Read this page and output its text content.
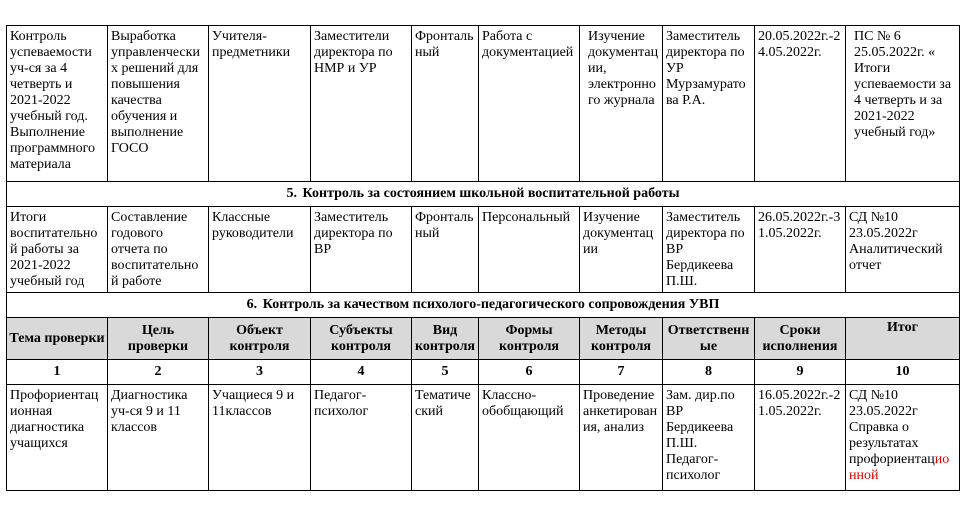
Контроль успеваемости уч-ся за 4 четверть и 2021-2022 учебный год. Выполнение программного материала	Выработка управленческих решений для повышения качества обучения и выполнение ГОСО	Учителя-предметники	Заместители директора по НМР и УР	Фронтальный	Работа с документацией	Изучение документации, электронного журнала	Заместитель директора по УР Мурзамуратова Р.А.	20.05.2022г.-24.05.2022г.	ПС № 6 25.05.2022г. « Итоги успеваемости за 4 четверть и за 2021-2022 учебный год»
5. Контроль за состоянием школьной воспитательной работы									
Итоги воспитательной работы за 2021-2022 учебный год	Составление годового отчета по воспитательной работе	Классные руководители	Заместитель директора по ВР	Фронтальный	Персональный	Изучение документации	Заместитель директора по ВР Бердикеева П.Ш.	26.05.2022г.-31.05.2022г.	СД №10 23.05.2022г Аналитический отчет
6. Контроль за качеством психолого-педагогического сопровождения УВП									
Тема проверки	Цель проверки	Объект контроля	Субъекты контроля	Вид контроля	Формы контроля	Методы контроля	Ответственные	Сроки исполнения	Итог
1	2	3	4	5	6	7	8	9	10
Профориентационная диагностика учащихся	Диагностика уч-ся 9 и 11 классов	Учащиеся 9 и 11классов	Педагог-психолог	Тематический	Классно-обобщающий	Проведение анкетирования, анализ	Зам. дир.по ВР Бердикеева П.Ш. Педагог-психолог	16.05.2022г.-21.05.2022г.	СД №10 23.05.2022г Справка о результатах профориентационной
